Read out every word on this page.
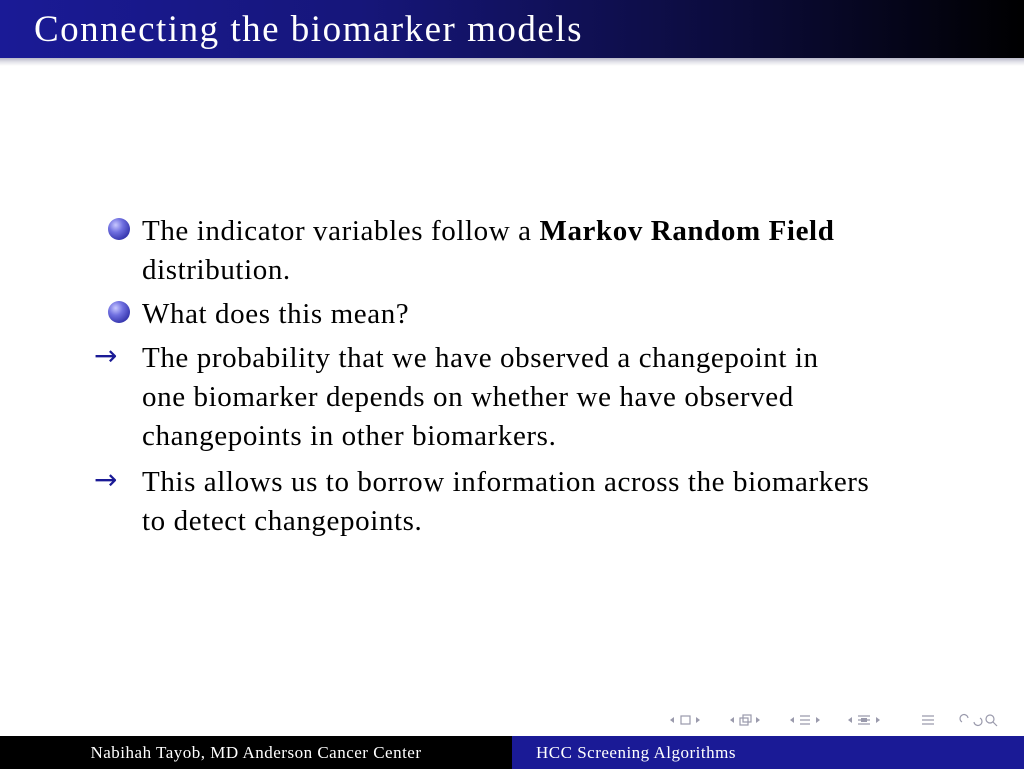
Connecting the biomarker models
The indicator variables follow a Markov Random Field
distribution.
What does this mean?
→ The probability that we have observed a changepoint in
one biomarker depends on whether we have observed
changepoints in other biomarkers.
→ This allows us to borrow information across the biomarkers
to detect changepoints.
Nabihah Tayob, MD Anderson Cancer Center	HCC Screening Algorithms
